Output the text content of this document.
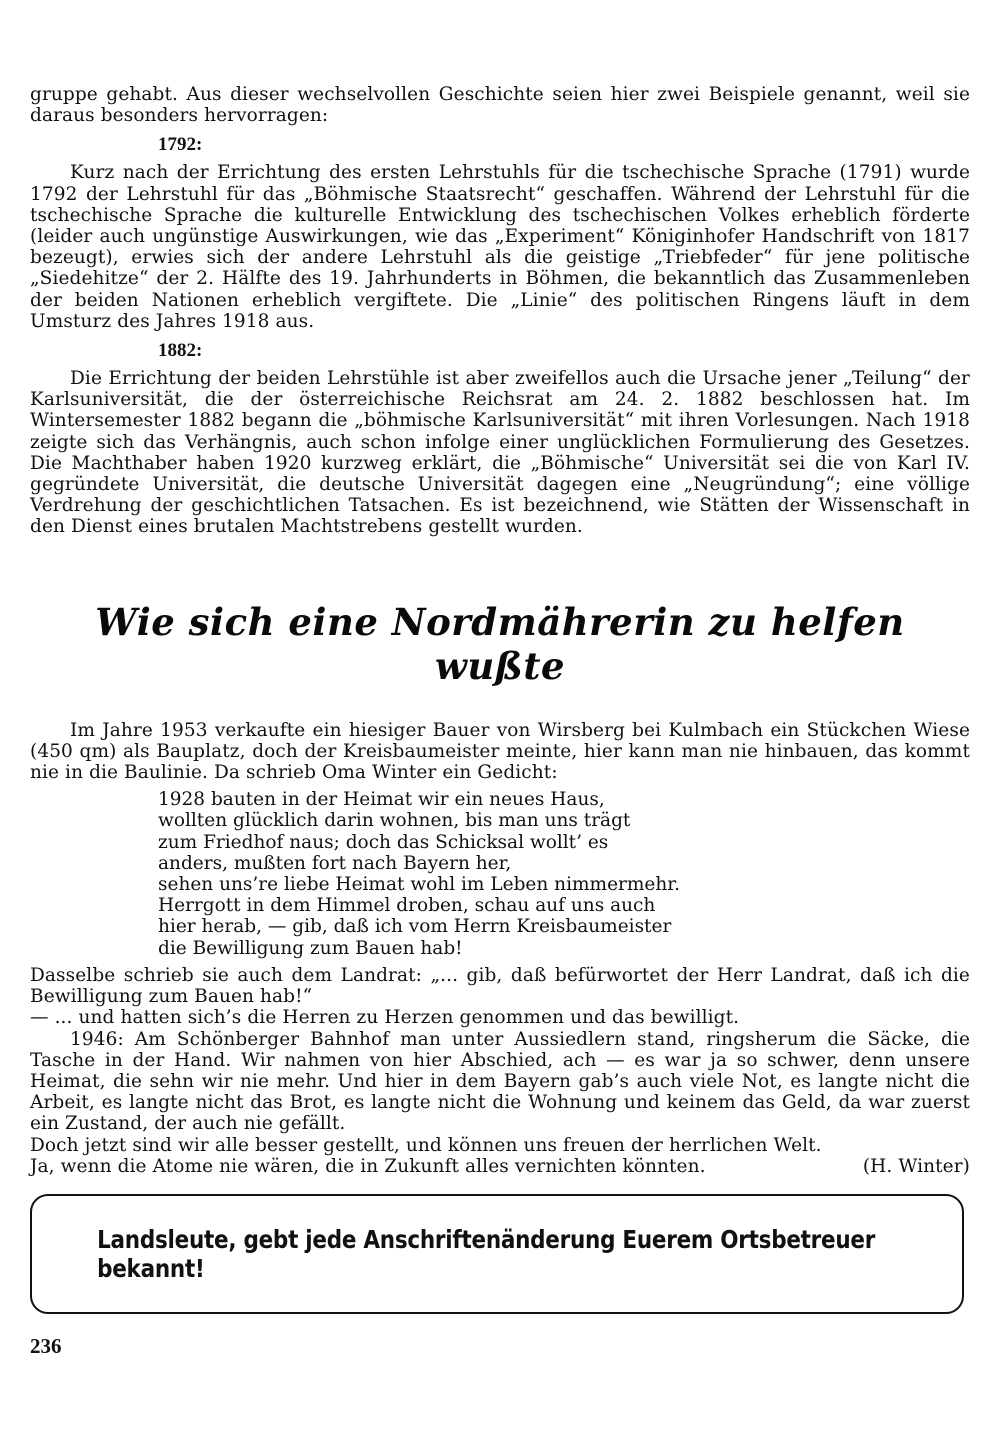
gruppe gehabt. Aus dieser wechselvollen Geschichte seien hier zwei Beispiele genannt, weil sie daraus besonders hervorragen:

1792:

Kurz nach der Errichtung des ersten Lehrstuhls für die tschechische Sprache (1791) wurde 1792 der Lehrstuhl für das „Böhmische Staatsrecht“ geschaffen. Während der Lehrstuhl für die tschechische Sprache die kulturelle Entwicklung des tschechischen Volkes erheblich förderte (leider auch ungünstige Auswirkungen, wie das „Experiment“ Königinhofer Handschrift von 1817 bezeugt), erwies sich der andere Lehrstuhl als die geistige „Triebfeder“ für jene politische „Siedehitze“ der 2. Hälfte des 19. Jahrhunderts in Böhmen, die bekanntlich das Zusammenleben der beiden Nationen erheblich vergiftete. Die „Linie“ des politischen Ringens läuft in dem Umsturz des Jahres 1918 aus.

1882:

Die Errichtung der beiden Lehrstühle ist aber zweifellos auch die Ursache jener „Teilung“ der Karlsuniversität, die der österreichische Reichsrat am 24. 2. 1882 beschlossen hat. Im Wintersemester 1882 begann die „böhmische Karlsuniversität“ mit ihren Vorlesungen. Nach 1918 zeigte sich das Verhängnis, auch schon infolge einer unglücklichen Formulierung des Gesetzes. Die Machthaber haben 1920 kurzweg erklärt, die „Böhmische“ Universität sei die von Karl IV. gegründete Universität, die deutsche Universität dagegen eine „Neugründung“; eine völlige Verdrehung der geschichtlichen Tatsachen. Es ist bezeichnend, wie Stätten der Wissenschaft in den Dienst eines brutalen Machtstrebens gestellt wurden.

Wie sich eine Nordmährerin zu helfen wußte

Im Jahre 1953 verkaufte ein hiesiger Bauer von Wirsberg bei Kulmbach ein Stückchen Wiese (450 qm) als Bauplatz, doch der Kreisbaumeister meinte, hier kann man nie hinbauen, das kommt nie in die Baulinie. Da schrieb Oma Winter ein Gedicht:

1928 bauten in der Heimat wir ein neues Haus,
wollten glücklich darin wohnen, bis man uns trägt
zum Friedhof naus; doch das Schicksal wollt’ es
anders, mußten fort nach Bayern her,
sehen uns’re liebe Heimat wohl im Leben nimmermehr.
Herrgott in dem Himmel droben, schau auf uns auch
hier herab, — gib, daß ich vom Herrn Kreisbaumeister
die Bewilligung zum Bauen hab!

Dasselbe schrieb sie auch dem Landrat: „... gib, daß befürwortet der Herr Landrat, daß ich die Bewilligung zum Bauen hab!“

— ... und hatten sich’s die Herren zu Herzen genommen und das bewilligt.

1946: Am Schönberger Bahnhof man unter Aussiedlern stand, ringsherum die Säcke, die Tasche in der Hand. Wir nahmen von hier Abschied, ach — es war ja so schwer, denn unsere Heimat, die sehn wir nie mehr. Und hier in dem Bayern gab’s auch viele Not, es langte nicht die Arbeit, es langte nicht das Brot, es langte nicht die Wohnung und keinem das Geld, da war zuerst ein Zustand, der auch nie gefällt.

Doch jetzt sind wir alle besser gestellt, und können uns freuen der herrlichen Welt.

Ja, wenn die Atome nie wären, die in Zukunft alles vernichten könnten.	(H. Winter)
Landsleute, gebt jede Anschriftenänderung Euerem Ortsbetreuer bekannt!
236
